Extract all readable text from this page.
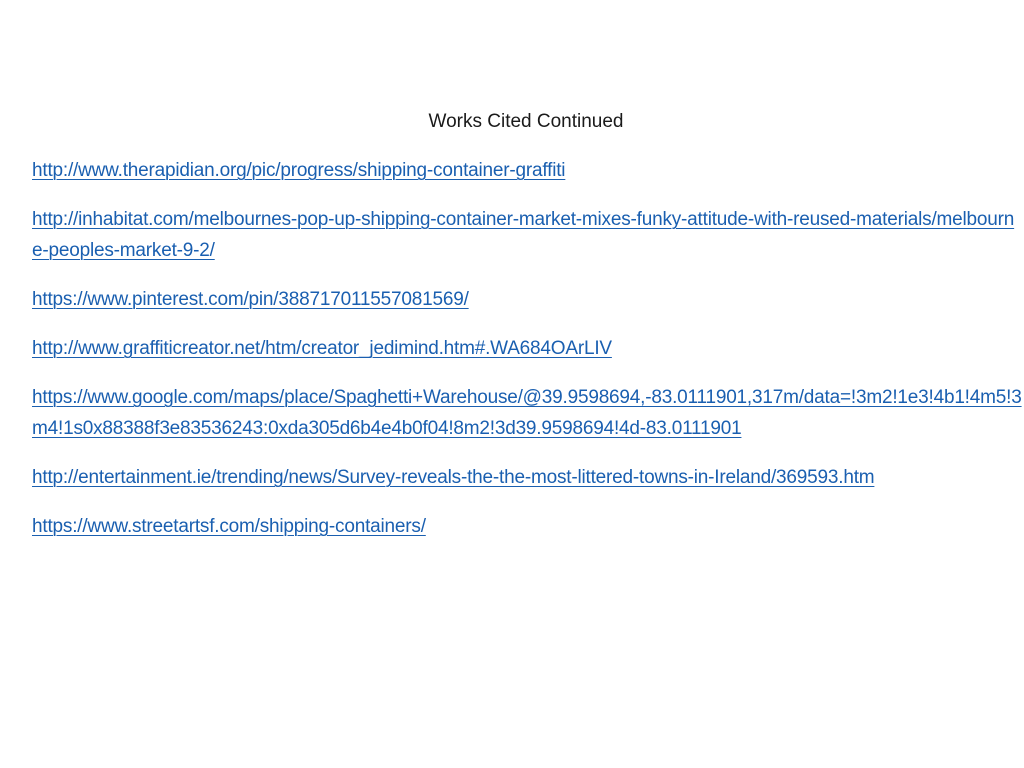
Works Cited Continued
http://www.therapidian.org/pic/progress/shipping-container-graffiti
http://inhabitat.com/melbournes-pop-up-shipping-container-market-mixes-funky-attitude-with-reused-materials/melbourne-peoples-market-9-2/
https://www.pinterest.com/pin/388717011557081569/
http://www.graffiticreator.net/htm/creator_jedimind.htm#.WA684OArLIV
https://www.google.com/maps/place/Spaghetti+Warehouse/@39.9598694,-83.0111901,317m/data=!3m2!1e3!4b1!4m5!3m4!1s0x88388f3e83536243:0xda305d6b4e4b0f04!8m2!3d39.9598694!4d-83.0111901
http://entertainment.ie/trending/news/Survey-reveals-the-the-most-littered-towns-in-Ireland/369593.htm
https://www.streetartsf.com/shipping-containers/
